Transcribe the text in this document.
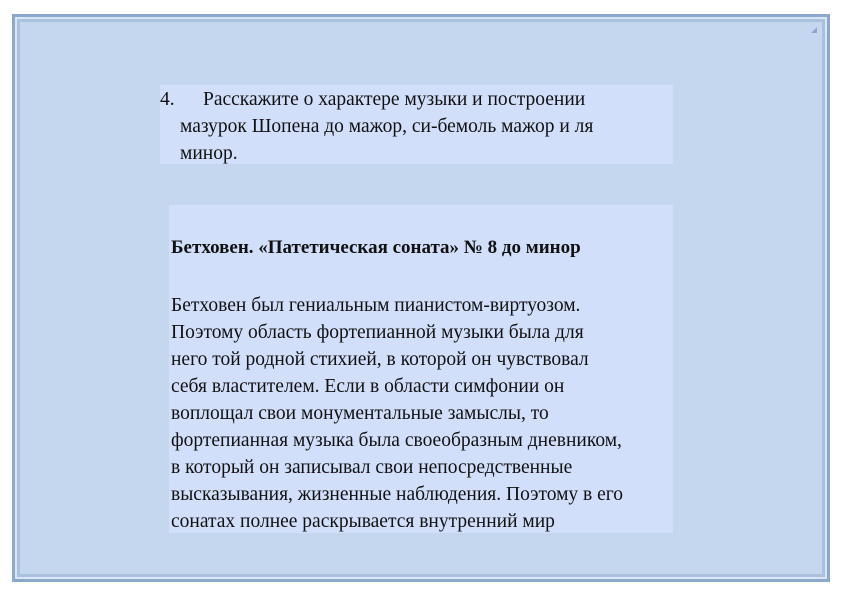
4.	Расскажите о характере музыки и построении
мазурок Шопена до мажор, си-бемоль мажор и ля
минор.
Бетховен. «Патетическая соната» № 8 до минор
Бетховен был гениальным пианистом-виртуозом.
Поэтому область фортепианной музыки была для
него той родной стихией, в которой он чувствовал
себя властителем. Если в области симфонии он
воплощал свои монументальные замыслы, то
фортепианная музыка была своеобразным дневником,
в который он записывал свои непосредственные
высказывания, жизненные наблюдения. Поэтому в его
сонатах полнее раскрывается внутренний мир
